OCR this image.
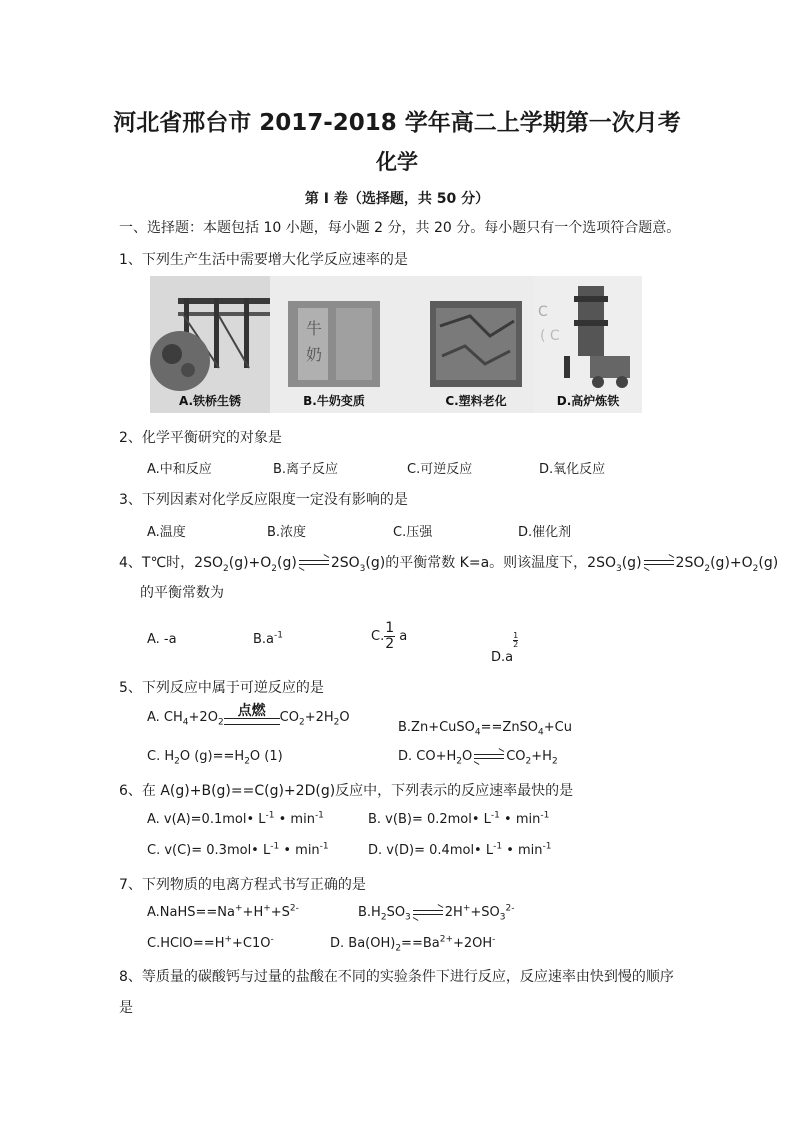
河北省邢台市 2017-2018 学年高二上学期第一次月考
化学
第 I 卷（选择题，共 50 分）
一、选择题：本题包括 10 小题，每小题 2 分，共 20 分。每小题只有一个选项符合题意。
1、下列生产生活中需要增大化学反应速率的是
A.铁桥生锈
牛
奶
B.牛奶变质	C.塑料老化
C
( C
D.高炉炼铁
2、化学平衡研究的对象是
A.中和反应	B.离子反应	C.可逆反应	D.氧化反应
3、下列因素对化学反应限度一定没有影响的是
A.温度	B.浓度	C.压强	D.催化剂
4、T℃时，$2SO_2(g)+O_2(g)$ $2SO_3(g)$的平衡常数 K=a。则该温度下，$2SO_3(g)$ $2SO_2(g)+O_2(g)$
的平衡常数为
A. -a	$B.a^{-1}$	C. $\frac{1}{2}$ a
D.a
$\frac{1}{2}$
5、下列反应中属于可逆反应的是
A. $CH_4+2O_2$
点燃	$CO_2+2H_2O$
B.Zn+CuSO$_4$==ZnSO$_4$+Cu
C. $H_2O$ $(g)==H_2O$ (1)	D. $CO+H_2O$	$CO_2+H_2$
6、在 A(g)+B(g)==C(g)+2D(g)反应中，下列表示的反应速率最快的是
A. v(A)=0.1mol• $L^{-1}$ • $\min^{-1}$	B. v(B)= 0.2mol• $L^{-1}$ • $\min^{-1}$
C. v(C)= 0.3mol• $L^{-1}$ • $\min^{-1}$	D. v(D)= 0.4mol• $L^{-1}$ • $\min^{-1}$
7、下列物质的电离方程式书写正确的是
$A.NaHS==Na^++H^++S^{2-}$	$B.H_2SO_3$	$2H^++SO_3^{2-}$
C.HClO==H++C1O-	D. $Ba(OH)_2==Ba^{2+}+2OH^-$
8、等质量的碳酸钙与过量的盐酸在不同的实验条件下进行反应，反应速率由快到慢的顺序
是
